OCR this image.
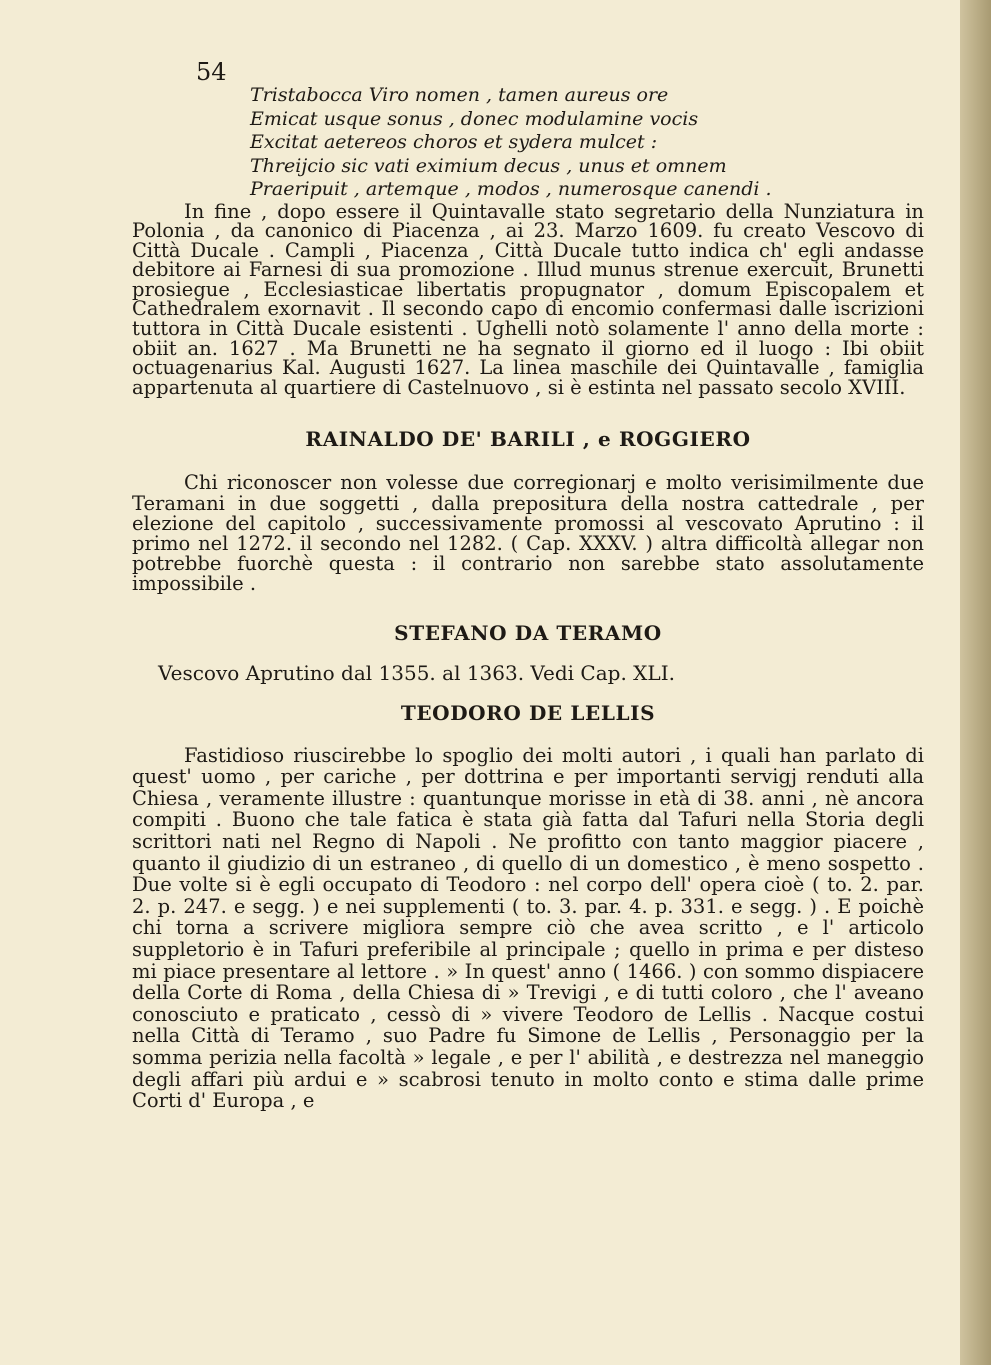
54
Tristabocca Viro nomen , tamen aureus ore
Emicat usque sonus , donec modulamine vocis
Excitat aetereos choros et sydera mulcet :
Threijcio sic vati eximium decus , unus et omnem
Praeripuit , artemque , modos , numerosque canendi .

In fine , dopo essere il Quintavalle stato segretario della Nunziatura in Polonia , da canonico di Piacenza , ai 23. Marzo 1609. fu creato Vescovo di Città Ducale . Campli , Piacenza , Città Ducale tutto indica ch' egli andasse debitore ai Farnesi di sua promozione . Illud munus strenue exercuit, Brunetti prosiegue , Ecclesiasticae libertatis propugnator , domum Episcopalem et Cathedralem exornavit . Il secondo capo di encomio confermasi dalle iscrizioni tuttora in Città Ducale esistenti . Ughelli notò solamente l' anno della morte : obiit an. 1627 . Ma Brunetti ne ha segnato il giorno ed il luogo : Ibi obiit octuagenarius Kal. Augusti 1627. La linea maschile dei Quintavalle , famiglia appartenuta al quartiere di Castelnuovo , si è estinta nel passato secolo XVIII.

RAINALDO DE' BARILI , e ROGGIERO

Chi riconoscer non volesse due corregionarj e molto verisimilmente due Teramani in due soggetti , dalla prepositura della nostra cattedrale , per elezione del capitolo , successivamente promossi al vescovato Aprutino : il primo nel 1272. il secondo nel 1282. ( Cap. XXXV. ) altra difficoltà allegar non potrebbe fuorchè questa : il contrario non sarebbe stato assolutamente impossibile .

STEFANO DA TERAMO

Vescovo Aprutino dal 1355. al 1363. Vedi Cap. XLI.

TEODORO DE LELLIS

Fastidioso riuscirebbe lo spoglio dei molti autori , i quali han parlato di quest' uomo , per cariche , per dottrina e per importanti servigj renduti alla Chiesa , veramente illustre : quantunque morisse in età di 38. anni , nè ancora compiti . Buono che tale fatica è stata già fatta dal Tafuri nella Storia degli scrittori nati nel Regno di Napoli . Ne profitto con tanto maggior piacere , quanto il giudizio di un estraneo , di quello di un domestico , è meno sospetto . Due volte si è egli occupato di Teodoro : nel corpo dell' opera cioè ( to. 2. par. 2. p. 247. e segg. ) e nei supplementi ( to. 3. par. 4. p. 331. e segg. ) . E poichè chi torna a scrivere migliora sempre ciò che avea scritto , e l' articolo suppletorio è in Tafuri preferibile al principale ; quello in prima e per disteso mi piace presentare al lettore . » In quest' anno ( 1466. ) con sommo dispiacere della Corte di Roma , della Chiesa di » Trevigi , e di tutti coloro , che l' aveano conosciuto e praticato , cessò di » vivere Teodoro de Lellis . Nacque costui nella Città di Teramo , suo Padre fu Simone de Lellis , Personaggio per la somma perizia nella facoltà » legale , e per l' abilità , e destrezza nel maneggio degli affari più ardui e » scabrosi tenuto in molto conto e stima dalle prime Corti d' Europa , e
